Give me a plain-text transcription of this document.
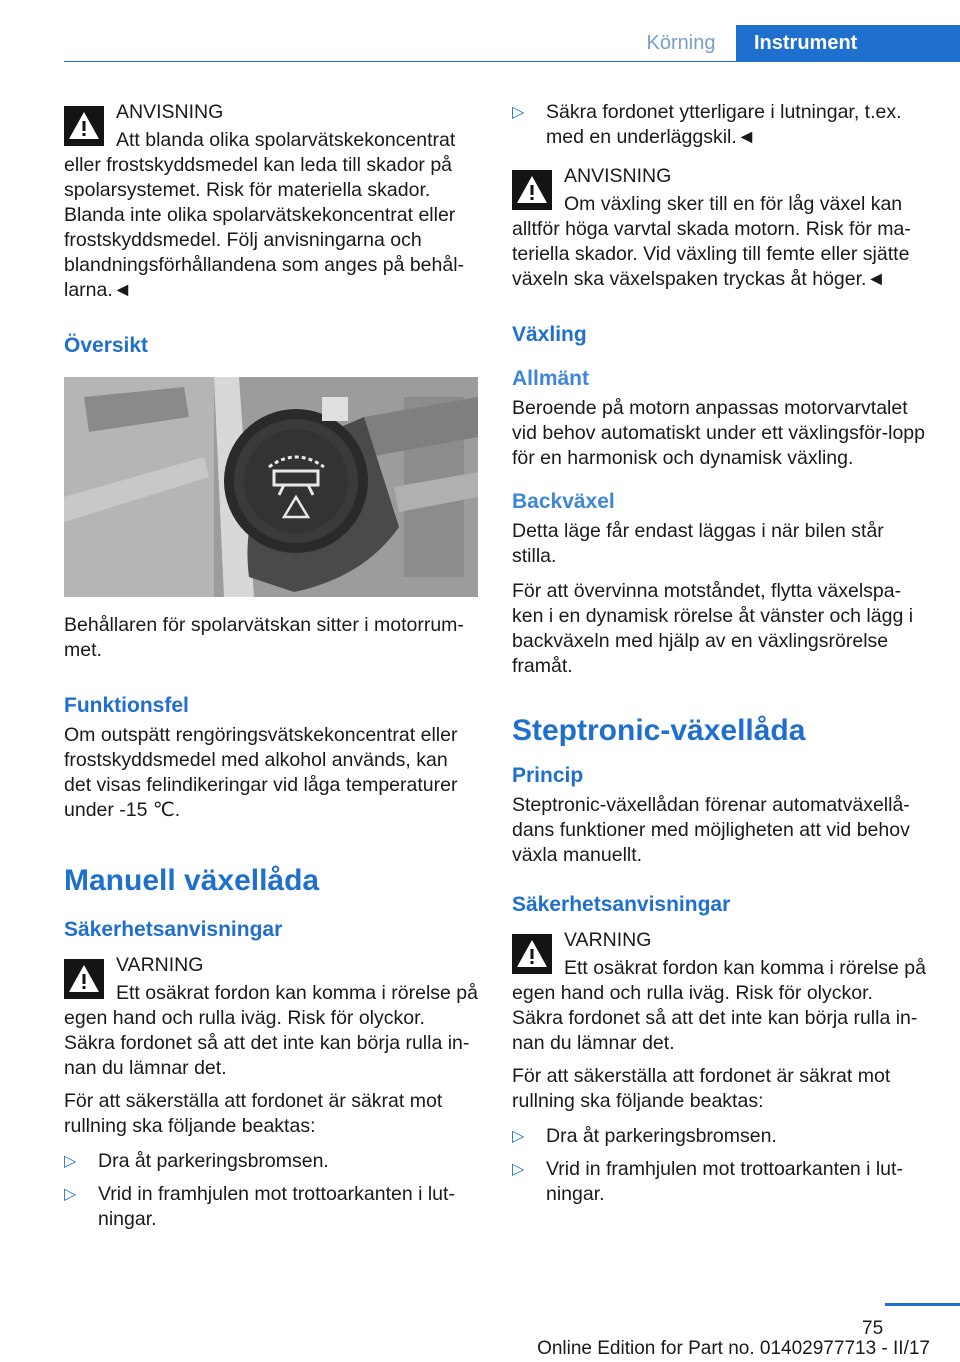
Körning	Instrument
ANVISNING
Att blanda olika spolarvätskekoncentrat eller frostskyddsmedel kan leda till skador på spolarsystemet. Risk för materiella skador. Blanda inte olika spolarvätskekoncentrat eller frostskyddsmedel. Följ anvisningarna och blandningsförhållandena som anges på behål‐larna.◄
Översikt
Behållaren för spolarvätskan sitter i motorrum‐met.
Funktionsfel
Om outspätt rengöringsvätskekoncentrat eller frostskyddsmedel med alkohol används, kan det visas felindikeringar vid låga temperaturer under -15 ℃.
Manuell växellåda
Säkerhetsanvisningar
VARNING
Ett osäkrat fordon kan komma i rörelse på egen hand och rulla iväg. Risk för olyckor. Säkra fordonet så att det inte kan börja rulla in‐nan du lämnar det.
För att säkerställa att fordonet är säkrat mot rullning ska följande beaktas:
▷ Dra åt parkeringsbromsen.
▷ Vrid in framhjulen mot trottoarkanten i lut‐ningar.
▷ Säkra fordonet ytterligare i lutningar, t.ex. med en underläggskil.◄
ANVISNING
Om växling sker till en för låg växel kan alltför höga varvtal skada motorn. Risk för ma‐teriella skador. Vid växling till femte eller sjätte växeln ska växelspaken tryckas åt höger.◄
Växling
Allmänt
Beroende på motorn anpassas motorvarvtalet vid behov automatiskt under ett växlingsför‐lopp för en harmonisk och dynamisk växling.
Backväxel
Detta läge får endast läggas i när bilen står stilla.
För att övervinna motståndet, flytta växelspa‐ken i en dynamisk rörelse åt vänster och lägg i backväxeln med hjälp av en växlingsrörelse framåt.
Steptronic-växellåda
Princip
Steptronic-växellådan förenar automatväxellå‐dans funktioner med möjligheten att vid behov växla manuellt.
Säkerhetsanvisningar
VARNING
Ett osäkrat fordon kan komma i rörelse på egen hand och rulla iväg. Risk för olyckor. Säkra fordonet så att det inte kan börja rulla in‐nan du lämnar det.
För att säkerställa att fordonet är säkrat mot rullning ska följande beaktas:
▷ Dra åt parkeringsbromsen.
▷ Vrid in framhjulen mot trottoarkanten i lut‐ningar.
75
Online Edition for Part no. 01402977713 - II/17
